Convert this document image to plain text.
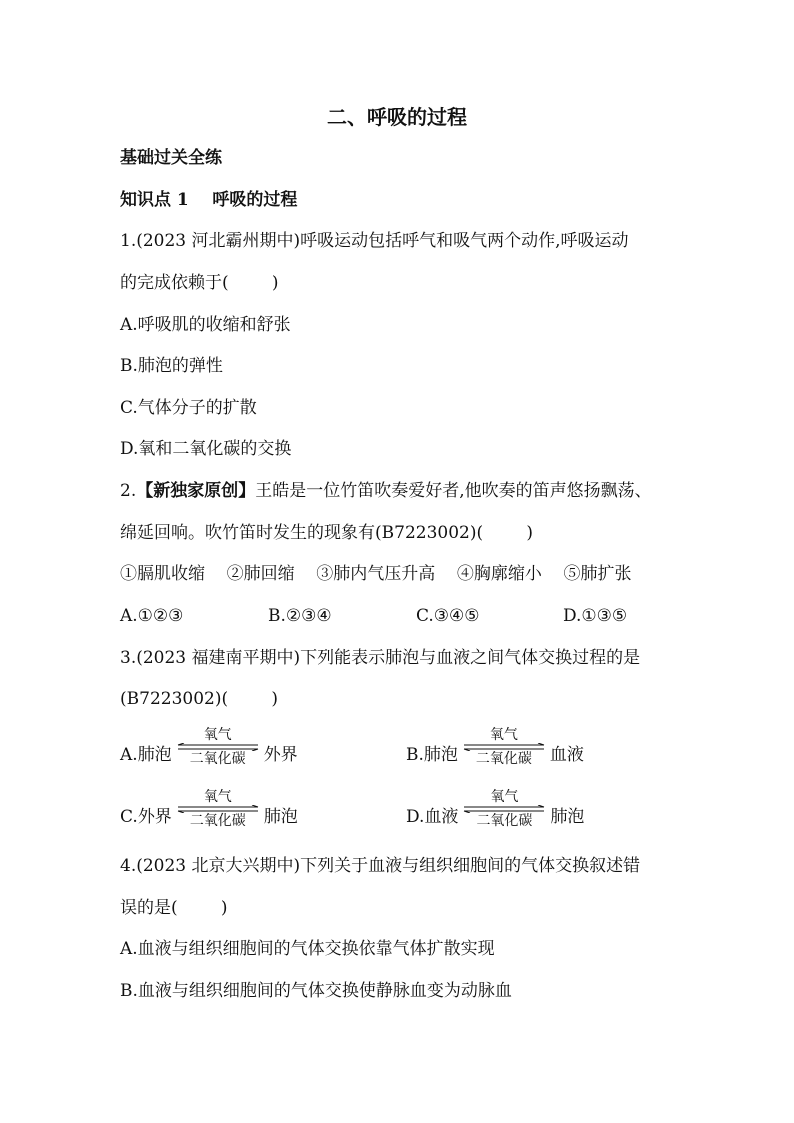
二、呼吸的过程
基础过关全练
知识点 1    呼吸的过程
1.(2023 河北霸州期中)呼吸运动包括呼气和吸气两个动作,呼吸运动
的完成依赖于(        )
A.呼吸肌的收缩和舒张
B.肺泡的弹性
C.气体分子的扩散
D.氧和二氧化碳的交换
2.【新独家原创】王皓是一位竹笛吹奏爱好者,他吹奏的笛声悠扬飘荡、
绵延回响。吹竹笛时发生的现象有(B7223002)(        )
①膈肌收缩    ②肺回缩    ③肺内气压升高    ④胸廓缩小    ⑤肺扩张
A.①②③	B.②③④	C.③④⑤	D.①③⑤
3.(2023 福建南平期中)下列能表示肺泡与血液之间气体交换过程的是
(B7223002)(        )
A. 肺泡
氧气
二氧化碳	外界	B. 肺泡
氧气
二氧化碳	血液
C. 外界
氧气
二氧化碳	肺泡	D. 血液
氧气
二氧化碳	肺泡
4.(2023 北京大兴期中)下列关于血液与组织细胞间的气体交换叙述错
误的是(        )
A.血液与组织细胞间的气体交换依靠气体扩散实现
B.血液与组织细胞间的气体交换使静脉血变为动脉血
